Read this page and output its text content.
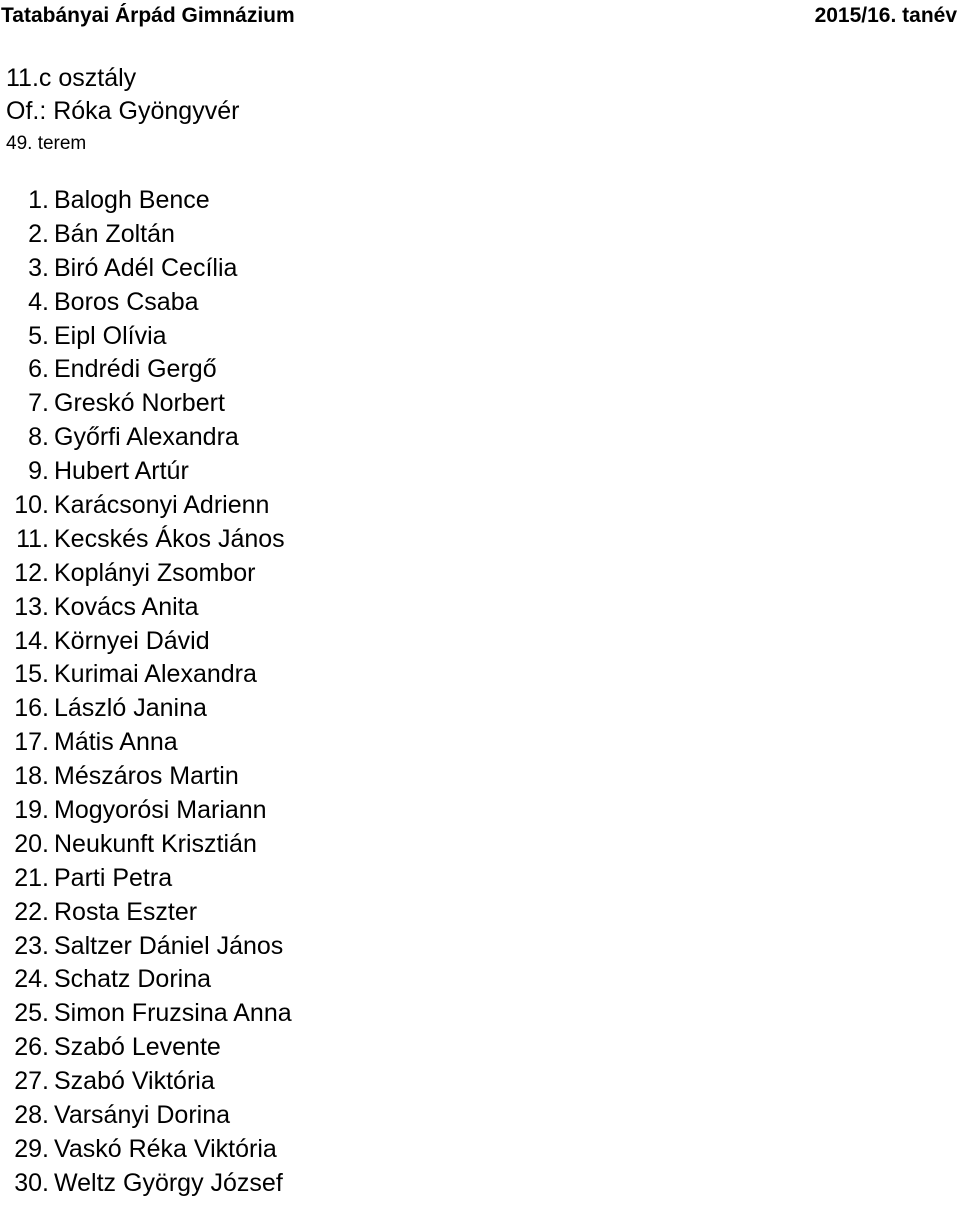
Tatabányai Árpád Gimnázium	2015/16. tanév
11.c osztály
Of.: Róka Gyöngyvér
49. terem
1. Balogh Bence
2. Bán Zoltán
3. Biró Adél Cecília
4. Boros Csaba
5. Eipl Olívia
6. Endrédi Gergő
7. Greskó Norbert
8. Győrfi Alexandra
9. Hubert Artúr
10. Karácsonyi Adrienn
11. Kecskés Ákos János
12. Koplányi Zsombor
13. Kovács Anita
14. Környei Dávid
15. Kurimai Alexandra
16. László Janina
17. Mátis Anna
18. Mészáros Martin
19. Mogyorósi Mariann
20. Neukunft Krisztián
21. Parti Petra
22. Rosta Eszter
23. Saltzer Dániel János
24. Schatz Dorina
25. Simon Fruzsina Anna
26. Szabó Levente
27. Szabó Viktória
28. Varsányi Dorina
29. Vaskó Réka Viktória
30. Weltz György József
